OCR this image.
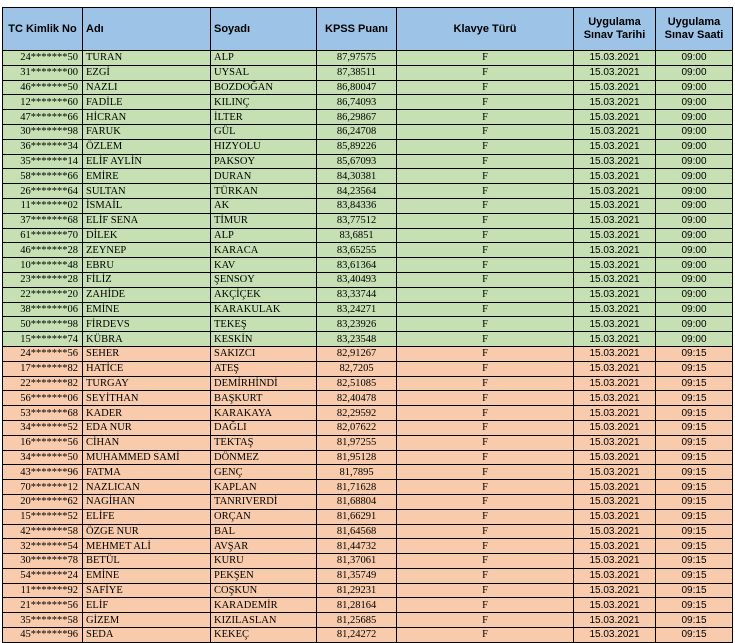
TC Kimlik No	Adı	Soyadı	KPSS Puanı	Klavye Türü	Uygulama Sınav Tarihi	Uygulama Sınav Saati
24*******50	TURAN	ALP	87,97575	F	15.03.2021	09:00
31*******00	EZGİ	UYSAL	87,38511	F	15.03.2021	09:00
46*******50	NAZLI	BOZDOĞAN	86,80047	F	15.03.2021	09:00
12*******60	FADİLE	KILINÇ	86,74093	F	15.03.2021	09:00
47*******66	HİCRAN	İLTER	86,29867	F	15.03.2021	09:00
30*******98	FARUK	GÜL	86,24708	F	15.03.2021	09:00
36*******34	ÖZLEM	HIZYOLU	85,89226	F	15.03.2021	09:00
35*******14	ELİF AYLİN	PAKSOY	85,67093	F	15.03.2021	09:00
58*******66	EMİRE	DURAN	84,30381	F	15.03.2021	09:00
26*******64	SULTAN	TÜRKAN	84,23564	F	15.03.2021	09:00
11*******02	İSMAİL	AK	83,84336	F	15.03.2021	09:00
37*******68	ELİF SENA	TİMUR	83,77512	F	15.03.2021	09:00
61*******70	DİLEK	ALP	83,6851	F	15.03.2021	09:00
46*******28	ZEYNEP	KARACA	83,65255	F	15.03.2021	09:00
10*******48	EBRU	KAV	83,61364	F	15.03.2021	09:00
23*******28	FİLİZ	ŞENSOY	83,40493	F	15.03.2021	09:00
22*******20	ZAHİDE	AKÇİÇEK	83,33744	F	15.03.2021	09:00
38*******06	EMİNE	KARAKULAK	83,24271	F	15.03.2021	09:00
50*******98	FİRDEVS	TEKEŞ	83,23926	F	15.03.2021	09:00
15*******74	KÜBRA	KESKİN	83,23548	F	15.03.2021	09:00
24*******56	SEHER	SAKIZCI	82,91267	F	15.03.2021	09:15
17*******82	HATİCE	ATEŞ	82,7205	F	15.03.2021	09:15
22*******82	TURGAY	DEMİRHİNDİ	82,51085	F	15.03.2021	09:15
56*******06	SEYİTHAN	BAŞKURT	82,40478	F	15.03.2021	09:15
53*******68	KADER	KARAKAYA	82,29592	F	15.03.2021	09:15
34*******52	EDA NUR	DAĞLI	82,07622	F	15.03.2021	09:15
16*******56	CİHAN	TEKTAŞ	81,97255	F	15.03.2021	09:15
34*******50	MUHAMMED SAMİ	DÖNMEZ	81,95128	F	15.03.2021	09:15
43*******96	FATMA	GENÇ	81,7895	F	15.03.2021	09:15
70*******12	NAZLICAN	KAPLAN	81,71628	F	15.03.2021	09:15
20*******62	NAGİHAN	TANRIVERDİ	81,68804	F	15.03.2021	09:15
15*******52	ELİFE	ORÇAN	81,66291	F	15.03.2021	09:15
42*******58	ÖZGE NUR	BAL	81,64568	F	15.03.2021	09:15
32*******54	MEHMET ALİ	AVŞAR	81,44732	F	15.03.2021	09:15
30*******78	BETÜL	KURU	81,37061	F	15.03.2021	09:15
54*******24	EMİNE	PEKŞEN	81,35749	F	15.03.2021	09:15
11*******92	SAFİYE	COŞKUN	81,29231	F	15.03.2021	09:15
21*******56	ELİF	KARADEMİR	81,28164	F	15.03.2021	09:15
35*******58	GİZEM	KIZILASLAN	81,25685	F	15.03.2021	09:15
45*******96	SEDA	KEKEÇ	81,24272	F	15.03.2021	09:15
